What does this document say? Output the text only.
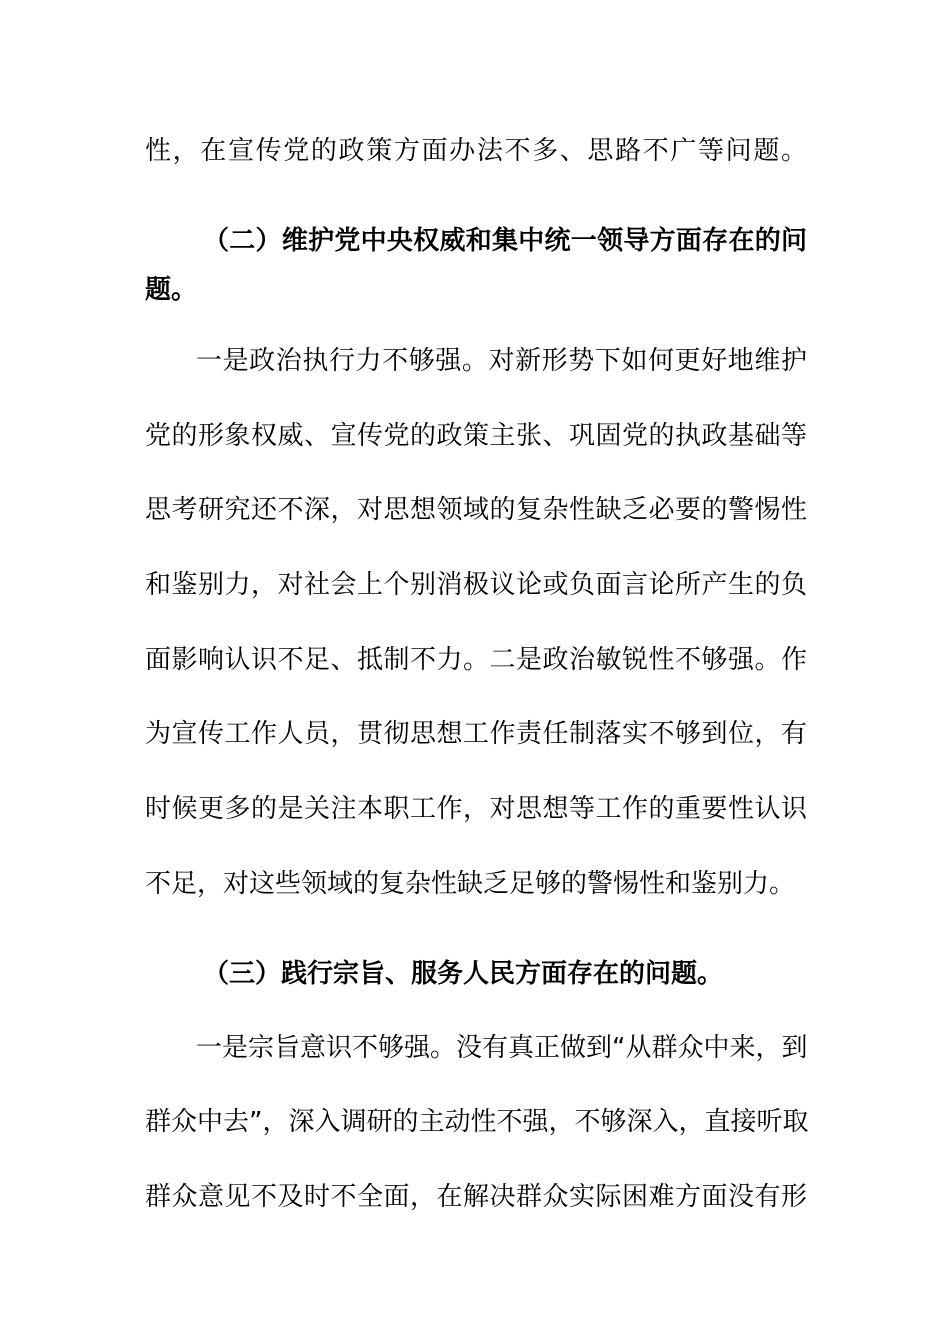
性，在宣传党的政策方面办法不多、思路不广等问题。
（二）维护党中央权威和集中统一领导方面存在的问
题。
一是政治执行力不够强。对新形势下如何更好地维护
党的形象权威、宣传党的政策主张、巩固党的执政基础等
思考研究还不深，对思想领域的复杂性缺乏必要的警惕性
和鉴别力，对社会上个别消极议论或负面言论所产生的负
面影响认识不足、抵制不力。二是政治敏锐性不够强。作
为宣传工作人员，贯彻思想工作责任制落实不够到位，有
时候更多的是关注本职工作，对思想等工作的重要性认识
不足，对这些领域的复杂性缺乏足够的警惕性和鉴别力。
（三）践行宗旨、服务人民方面存在的问题。
一是宗旨意识不够强。没有真正做到“从群众中来，到
群众中去”，深入调研的主动性不强，不够深入，直接听取
群众意见不及时不全面，在解决群众实际困难方面没有形
